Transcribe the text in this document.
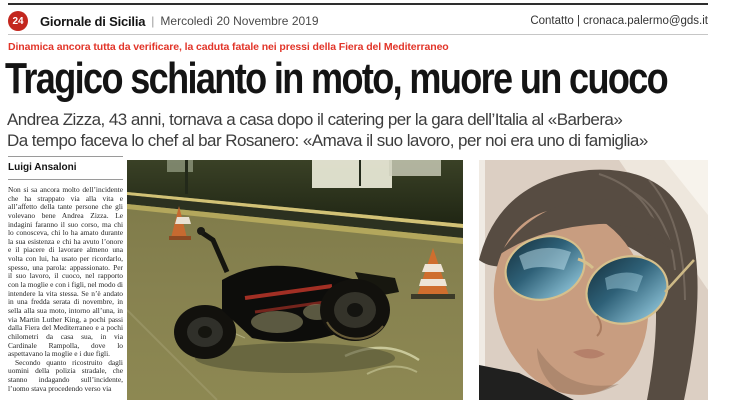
24	Giornale di Sicilia | Mercoledì 20 Novembre 2019	Contatto | cronaca.palermo@gds.it
Dinamica ancora tutta da verificare, la caduta fatale nei pressi della Fiera del Mediterraneo
Tragico schianto in moto, muore un cuoco
Andrea Zizza, 43 anni, tornava a casa dopo il catering per la gara dell’Italia al «Barbera»
Da tempo faceva lo chef al bar Rosanero: «Amava il suo lavoro, per noi era uno di famiglia»
Luigi Ansaloni

Non si sa ancora molto dell’incidente che ha strappato via alla vita e all’affetto della tante persone che gli volevano bene Andrea Zizza. Le indagini faranno il suo corso, ma chi lo conosceva, chi lo ha amato durante la sua esistenza e chi ha avuto l’onore e il piacere di lavorare almeno una volta con lui, ha usato per ricordarlo, spesso, una parola: appassionato. Per il suo lavoro, il cuoco, nel rapporto con la moglie e con i figli, nel modo di intendere la vita stessa. Se n’è andato in una fredda serata di novembre, in sella alla sua moto, intorno all’una, in via Martin Luther King, a pochi passi dalla Fiera del Mediterraneo e a pochi chilometri da casa sua, in via Cardinale Rampolla, dove lo aspettavano la moglie e i due figli.

Secondo quanto ricostruito dagli uomini della polizia stradale, che stanno indagando sull’incidente, l’uomo stava procedendo verso via
